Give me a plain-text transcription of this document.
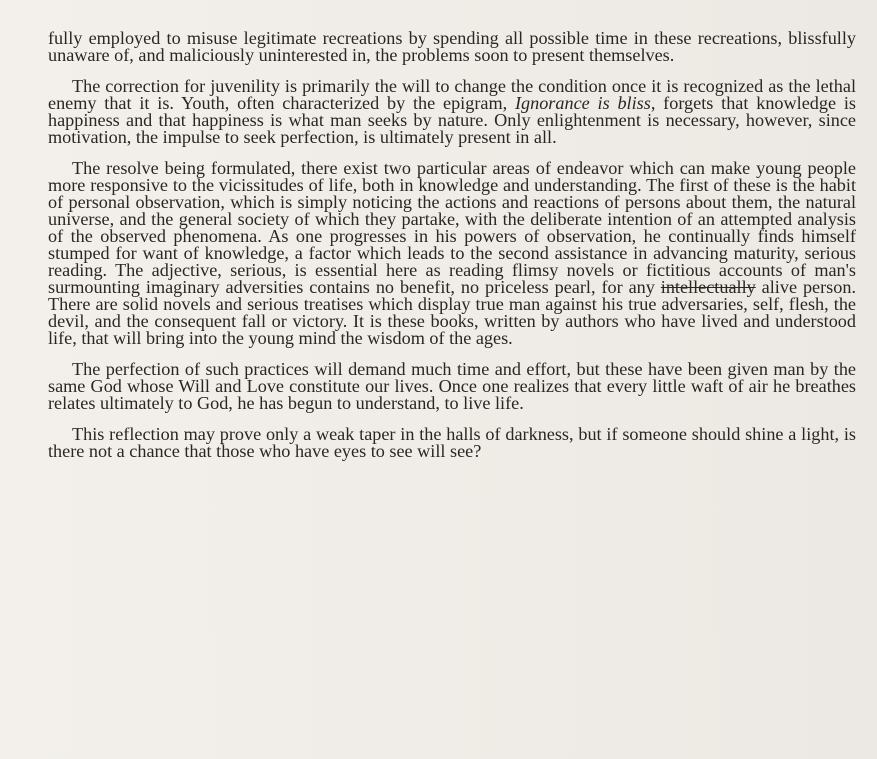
fully employed to misuse legitimate recreations by spending all possible time in these recreations, blissfully unaware of, and maliciously uninterested in, the problems soon to present themselves.

The correction for juvenility is primarily the will to change the condition once it is recognized as the lethal enemy that it is. Youth, often characterized by the epigram, Ignorance is bliss, forgets that knowledge is happiness and that happiness is what man seeks by nature. Only enlightenment is necessary, however, since motivation, the impulse to seek perfection, is ultimately present in all.

The resolve being formulated, there exist two particular areas of endeavor which can make young people more responsive to the vicissitudes of life, both in knowledge and understanding. The first of these is the habit of personal observation, which is simply noticing the actions and reactions of persons about them, the natural universe, and the general society of which they partake, with the deliberate intention of an attempted analysis of the observed phenomena. As one progresses in his powers of observation, he continually finds himself stumped for want of knowledge, a factor which leads to the second assistance in advancing maturity, serious reading. The adjective, serious, is essential here as reading flimsy novels or fictitious accounts of man's surmounting imaginary adversities contains no benefit, no priceless pearl, for any intellectually alive person. There are solid novels and serious treatises which display true man against his true adversaries, self, flesh, the devil, and the consequent fall or victory. It is these books, written by authors who have lived and understood life, that will bring into the young mind the wisdom of the ages.

The perfection of such practices will demand much time and effort, but these have been given man by the same God whose Will and Love constitute our lives. Once one realizes that every little waft of air he breathes relates ultimately to God, he has begun to understand, to live life.

This reflection may prove only a weak taper in the halls of darkness, but if someone should shine a light, is there not a chance that those who have eyes to see will see?
